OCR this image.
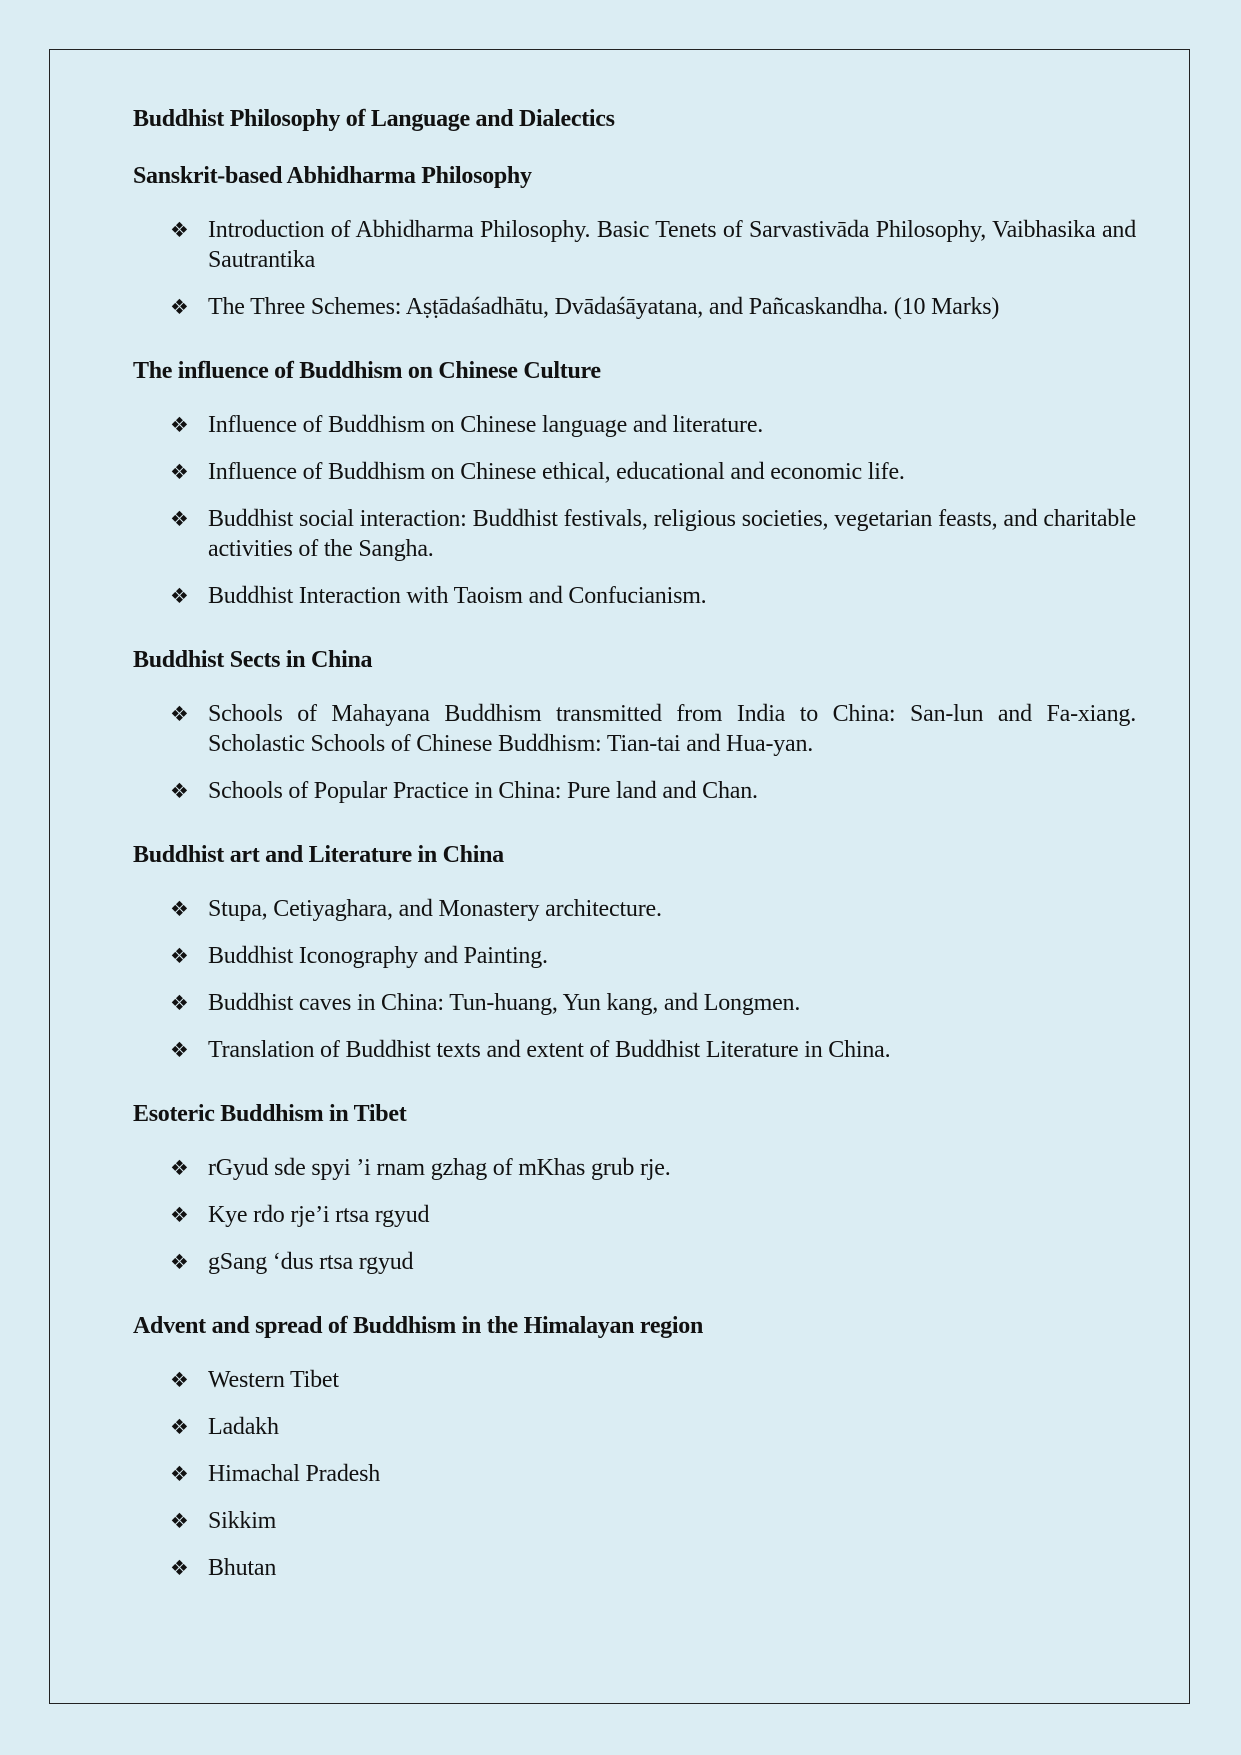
Buddhist Philosophy of Language and Dialectics
Sanskrit-based Abhidharma Philosophy
❖ Introduction of Abhidharma Philosophy. Basic Tenets of Sarvastivāda Philosophy, Vaibhasika and Sautrantika
❖ The Three Schemes: Aṣṭādaśadhātu, Dvādaśāyatana, and Pañcaskandha. (10 Marks)
The influence of Buddhism on Chinese Culture
❖ Influence of Buddhism on Chinese language and literature.
❖ Influence of Buddhism on Chinese ethical, educational and economic life.
❖ Buddhist social interaction: Buddhist festivals, religious societies, vegetarian feasts, and charitable activities of the Sangha.
❖ Buddhist Interaction with Taoism and Confucianism.
Buddhist Sects in China
❖ Schools of Mahayana Buddhism transmitted from India to China: San-lun and Fa-xiang. Scholastic Schools of Chinese Buddhism: Tian-tai and Hua-yan.
❖ Schools of Popular Practice in China: Pure land and Chan.
Buddhist art and Literature in China
❖ Stupa, Cetiyaghara, and Monastery architecture.
❖ Buddhist Iconography and Painting.
❖ Buddhist caves in China: Tun-huang, Yun kang, and Longmen.
❖ Translation of Buddhist texts and extent of Buddhist Literature in China.
Esoteric Buddhism in Tibet
❖ rGyud sde spyi ’i rnam gzhag of mKhas grub rje.
❖ Kye rdo rje’i rtsa rgyud
❖ gSang ‘dus rtsa rgyud
Advent and spread of Buddhism in the Himalayan region
❖ Western Tibet
❖ Ladakh
❖ Himachal Pradesh
❖ Sikkim
❖ Bhutan
